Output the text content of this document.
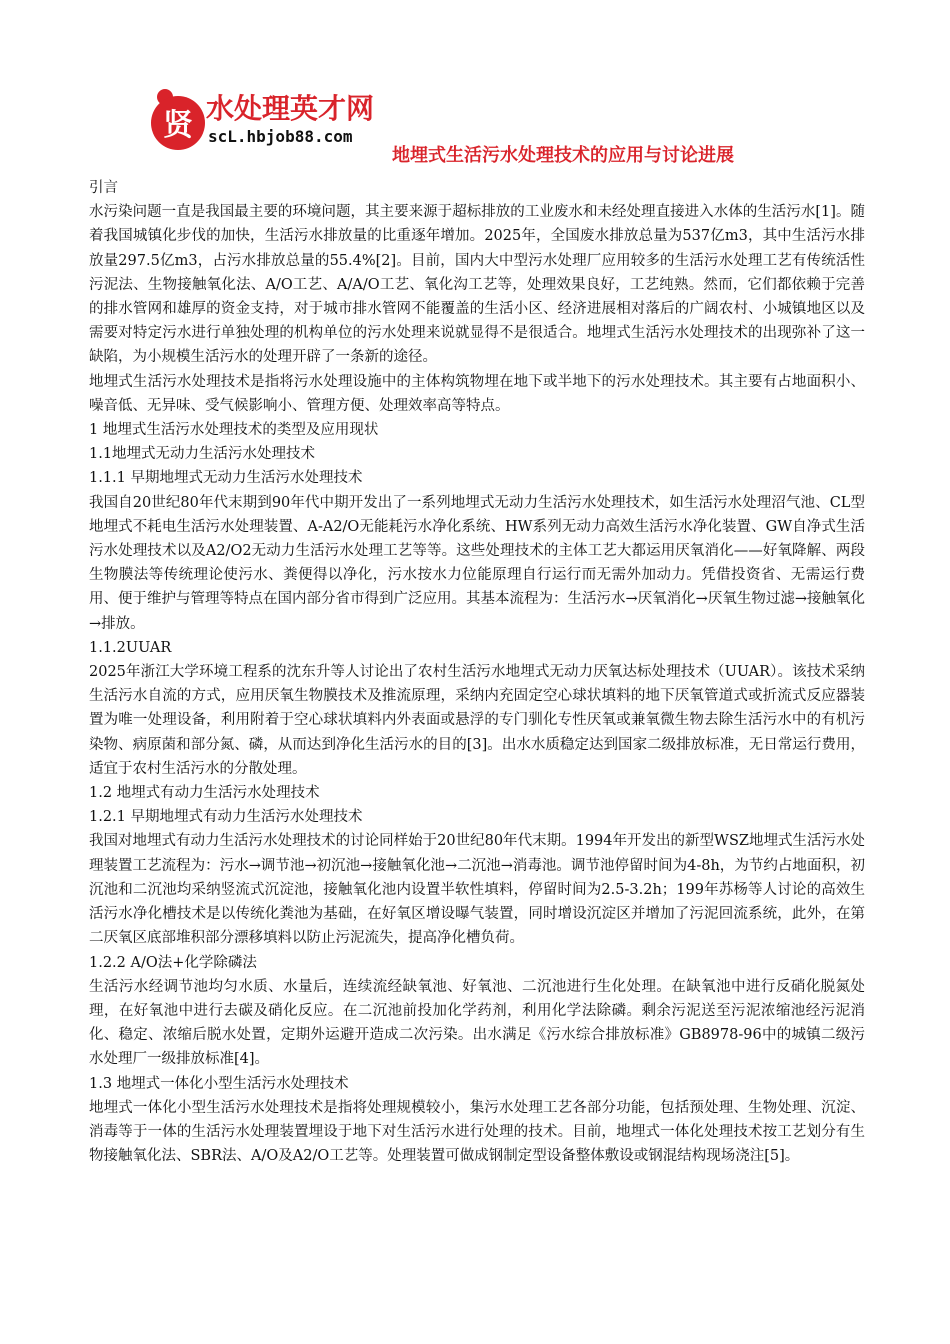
贤 水处理英才网
scL.hbjob88.com
地埋式生活污水处理技术的应用与讨论进展

引言

水污染问题一直是我国最主要的环境问题，其主要来源于超标排放的工业废水和未经处理直接进入水体的生活污水[1]。随着我国城镇化步伐的加快，生活污水排放量的比重逐年增加。2025年，全国废水排放总量为537亿m3，其中生活污水排放量297.5亿m3，占污水排放总量的55.4%[2]。目前，国内大中型污水处理厂应用较多的生活污水处理工艺有传统活性污泥法、生物接触氧化法、A/O工艺、A/A/O工艺、氧化沟工艺等，处理效果良好，工艺纯熟。然而，它们都依赖于完善的排水管网和雄厚的资金支持，对于城市排水管网不能覆盖的生活小区、经济进展相对落后的广阔农村、小城镇地区以及需要对特定污水进行单独处理的机构单位的污水处理来说就显得不是很适合。地埋式生活污水处理技术的出现弥补了这一缺陷，为小规模生活污水的处理开辟了一条新的途径。

地埋式生活污水处理技术是指将污水处理设施中的主体构筑物埋在地下或半地下的污水处理技术。其主要有占地面积小、噪音低、无异味、受气候影响小、管理方便、处理效率高等特点。

1 地埋式生活污水处理技术的类型及应用现状

1.1地埋式无动力生活污水处理技术

1.1.1 早期地埋式无动力生活污水处理技术

我国自20世纪80年代末期到90年代中期开发出了一系列地埋式无动力生活污水处理技术，如生活污水处理沼气池、CL型地埋式不耗电生活污水处理装置、A-A2/O无能耗污水净化系统、HW系列无动力高效生活污水净化装置、GW自净式生活污水处理技术以及A2/O2无动力生活污水处理工艺等等。这些处理技术的主体工艺大都运用厌氧消化——好氧降解、两段生物膜法等传统理论使污水、粪便得以净化，污水按水力位能原理自行运行而无需外加动力。凭借投资省、无需运行费用、便于维护与管理等特点在国内部分省市得到广泛应用。其基本流程为：生活污水→厌氧消化→厌氧生物过滤→接触氧化→排放。

1.1.2UUAR

2025年浙江大学环境工程系的沈东升等人讨论出了农村生活污水地埋式无动力厌氧达标处理技术（UUAR）。该技术采纳生活污水自流的方式，应用厌氧生物膜技术及推流原理，采纳内充固定空心球状填料的地下厌氧管道式或折流式反应器装置为唯一处理设备，利用附着于空心球状填料内外表面或悬浮的专门驯化专性厌氧或兼氧微生物去除生活污水中的有机污染物、病原菌和部分氮、磷，从而达到净化生活污水的目的[3]。出水水质稳定达到国家二级排放标准，无日常运行费用，适宜于农村生活污水的分散处理。

1.2 地埋式有动力生活污水处理技术

1.2.1 早期地埋式有动力生活污水处理技术

我国对地埋式有动力生活污水处理技术的讨论同样始于20世纪80年代末期。1994年开发出的新型WSZ地埋式生活污水处理装置工艺流程为：污水→调节池→初沉池→接触氧化池→二沉池→消毒池。调节池停留时间为4-8h，为节约占地面积，初沉池和二沉池均采纳竖流式沉淀池，接触氧化池内设置半软性填料，停留时间为2.5-3.2h；199年苏杨等人讨论的高效生活污水净化槽技术是以传统化粪池为基础，在好氧区增设曝气装置，同时增设沉淀区并增加了污泥回流系统，此外，在第二厌氧区底部堆积部分漂移填料以防止污泥流失，提高净化槽负荷。

1.2.2 A/O法+化学除磷法

生活污水经调节池均匀水质、水量后，连续流经缺氧池、好氧池、二沉池进行生化处理。在缺氧池中进行反硝化脱氮处理，在好氧池中进行去碳及硝化反应。在二沉池前投加化学药剂，利用化学法除磷。剩余污泥送至污泥浓缩池经污泥消化、稳定、浓缩后脱水处置，定期外运避开造成二次污染。出水满足《污水综合排放标准》GB8978-96中的城镇二级污水处理厂一级排放标准[4]。

1.3 地埋式一体化小型生活污水处理技术

地埋式一体化小型生活污水处理技术是指将处理规模较小，集污水处理工艺各部分功能，包括预处理、生物处理、沉淀、消毒等于一体的生活污水处理装置埋设于地下对生活污水进行处理的技术。目前，地埋式一体化处理技术按工艺划分有生物接触氧化法、SBR法、A/O及A2/O工艺等。处理装置可做成钢制定型设备整体敷设或钢混结构现场浇注[5]。
